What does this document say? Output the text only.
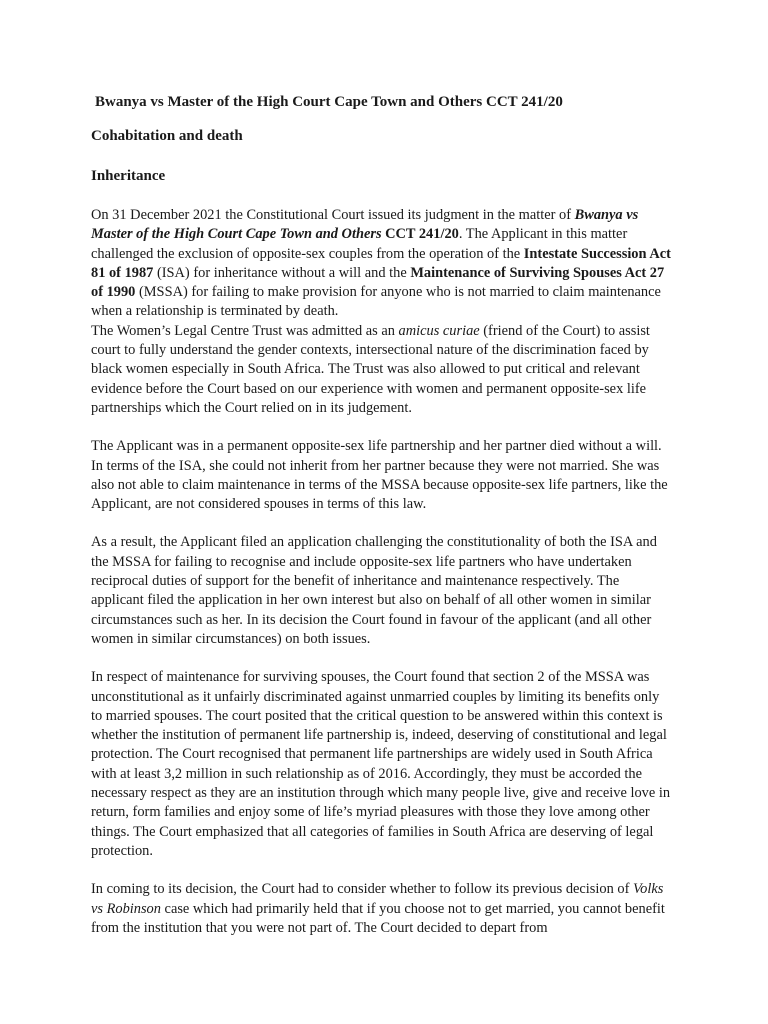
Bwanya vs Master of the High Court Cape Town and Others CCT 241/20
Cohabitation and death
Inheritance

On 31 December 2021 the Constitutional Court issued its judgment in the matter of Bwanya vs Master of the High Court Cape Town and Others CCT 241/20. The Applicant in this matter challenged the exclusion of opposite-sex couples from the operation of the Intestate Succession Act 81 of 1987 (ISA) for inheritance without a will and the Maintenance of Surviving Spouses Act 27 of 1990 (MSSA) for failing to make provision for anyone who is not married to claim maintenance when a relationship is terminated by death.

The Women’s Legal Centre Trust was admitted as an amicus curiae (friend of the Court) to assist court to fully understand the gender contexts, intersectional nature of the discrimination faced by black women especially in South Africa. The Trust was also allowed to put critical and relevant evidence before the Court based on our experience with women and permanent opposite-sex life partnerships which the Court relied on in its judgement.

The Applicant was in a permanent opposite-sex life partnership and her partner died without a will. In terms of the ISA, she could not inherit from her partner because they were not married. She was also not able to claim maintenance in terms of the MSSA because opposite-sex life partners, like the Applicant, are not considered spouses in terms of this law.

As a result, the Applicant filed an application challenging the constitutionality of both the ISA and the MSSA for failing to recognise and include opposite-sex life partners who have undertaken reciprocal duties of support for the benefit of inheritance and maintenance respectively. The applicant filed the application in her own interest but also on behalf of all other women in similar circumstances such as her. In its decision the Court found in favour of the applicant (and all other women in similar circumstances) on both issues.

In respect of maintenance for surviving spouses, the Court found that section 2 of the MSSA was unconstitutional as it unfairly discriminated against unmarried couples by limiting its benefits only to married spouses. The court posited that the critical question to be answered within this context is whether the institution of permanent life partnership is, indeed, deserving of constitutional and legal protection. The Court recognised that permanent life partnerships are widely used in South Africa with at least 3,2 million in such relationship as of 2016. Accordingly, they must be accorded the necessary respect as they are an institution through which many people live, give and receive love in return, form families and enjoy some of life’s myriad pleasures with those they love among other things. The Court emphasized that all categories of families in South Africa are deserving of legal protection.

In coming to its decision, the Court had to consider whether to follow its previous decision of Volks vs Robinson case which had primarily held that if you choose not to get married, you cannot benefit from the institution that you were not part of. The Court decided to depart from
